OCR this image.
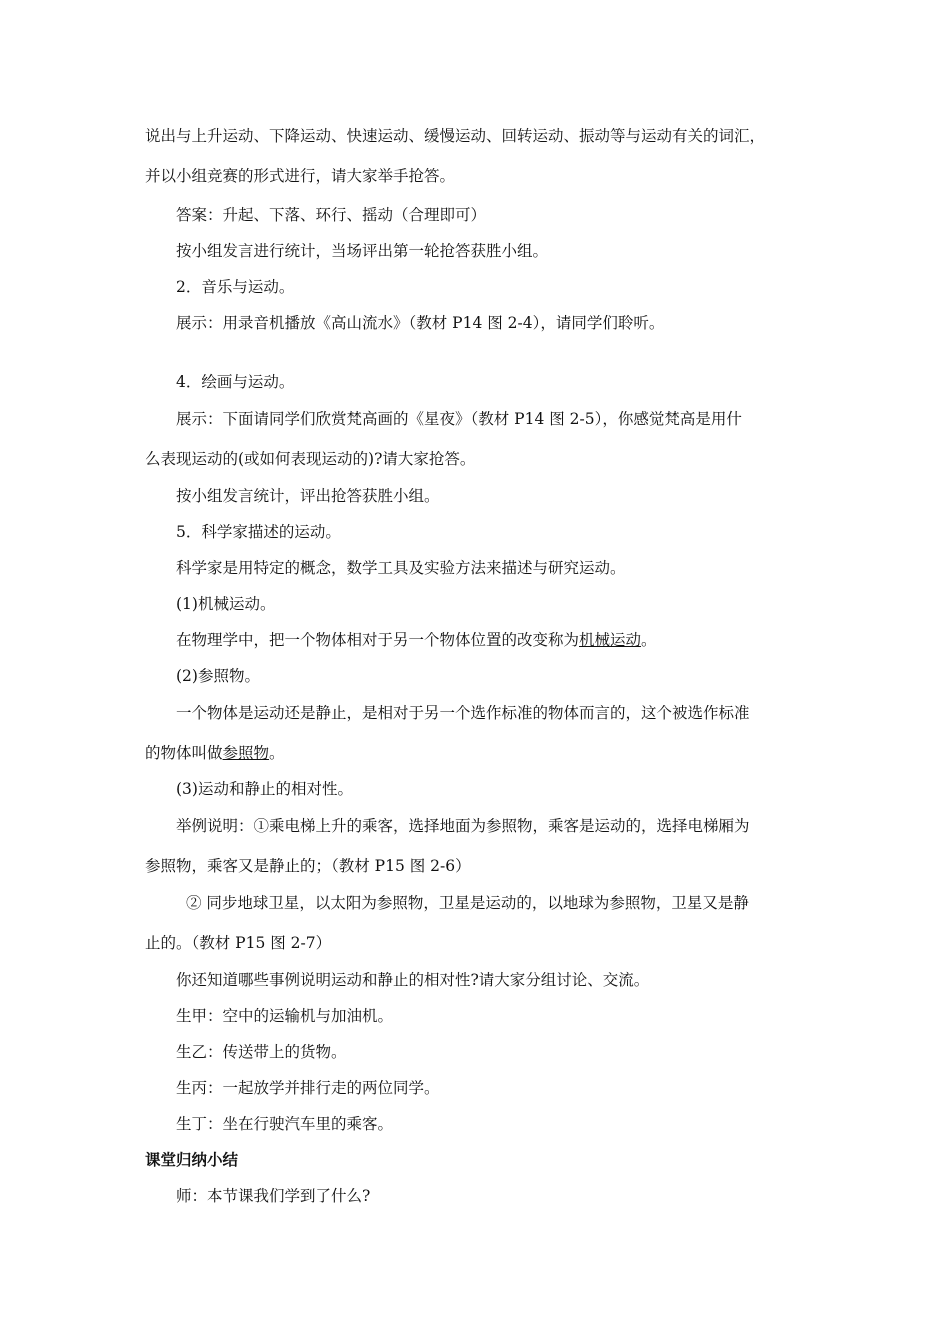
说出与上升运动、下降运动、快速运动、缓慢运动、回转运动、振动等与运动有关的词汇，
并以小组竞赛的形式进行，请大家举手抢答。
答案：升起、下落、环行、摇动（合理即可）
按小组发言进行统计，当场评出第一轮抢答获胜小组。
2．音乐与运动。
展示：用录音机播放《高山流水》（教材 P14 图 2-4），请同学们聆听。
4．绘画与运动。
展示：下面请同学们欣赏梵高画的《星夜》（教材 P14 图 2-5），你感觉梵高是用什
么表现运动的(或如何表现运动的)?请大家抢答。
按小组发言统计，评出抢答获胜小组。
5．科学家描述的运动。
科学家是用特定的概念，数学工具及实验方法来描述与研究运动。
(1)机械运动。
在物理学中，把一个物体相对于另一个物体位置的改变称为机械运动。
(2)参照物。
一个物体是运动还是静止，是相对于另一个选作标准的物体而言的，这个被选作标准
的物体叫做参照物。
(3)运动和静止的相对性。
举例说明：①乘电梯上升的乘客，选择地面为参照物，乘客是运动的，选择电梯厢为
参照物，乘客又是静止的；（教材 P15 图 2-6）
② 同步地球卫星，以太阳为参照物，卫星是运动的，以地球为参照物，卫星又是静
止的。（教材 P15 图 2-7）
你还知道哪些事例说明运动和静止的相对性?请大家分组讨论、交流。
生甲：空中的运输机与加油机。
生乙：传送带上的货物。
生丙：一起放学并排行走的两位同学。
生丁：坐在行驶汽车里的乘客。
课堂归纳小结
师：本节课我们学到了什么?
